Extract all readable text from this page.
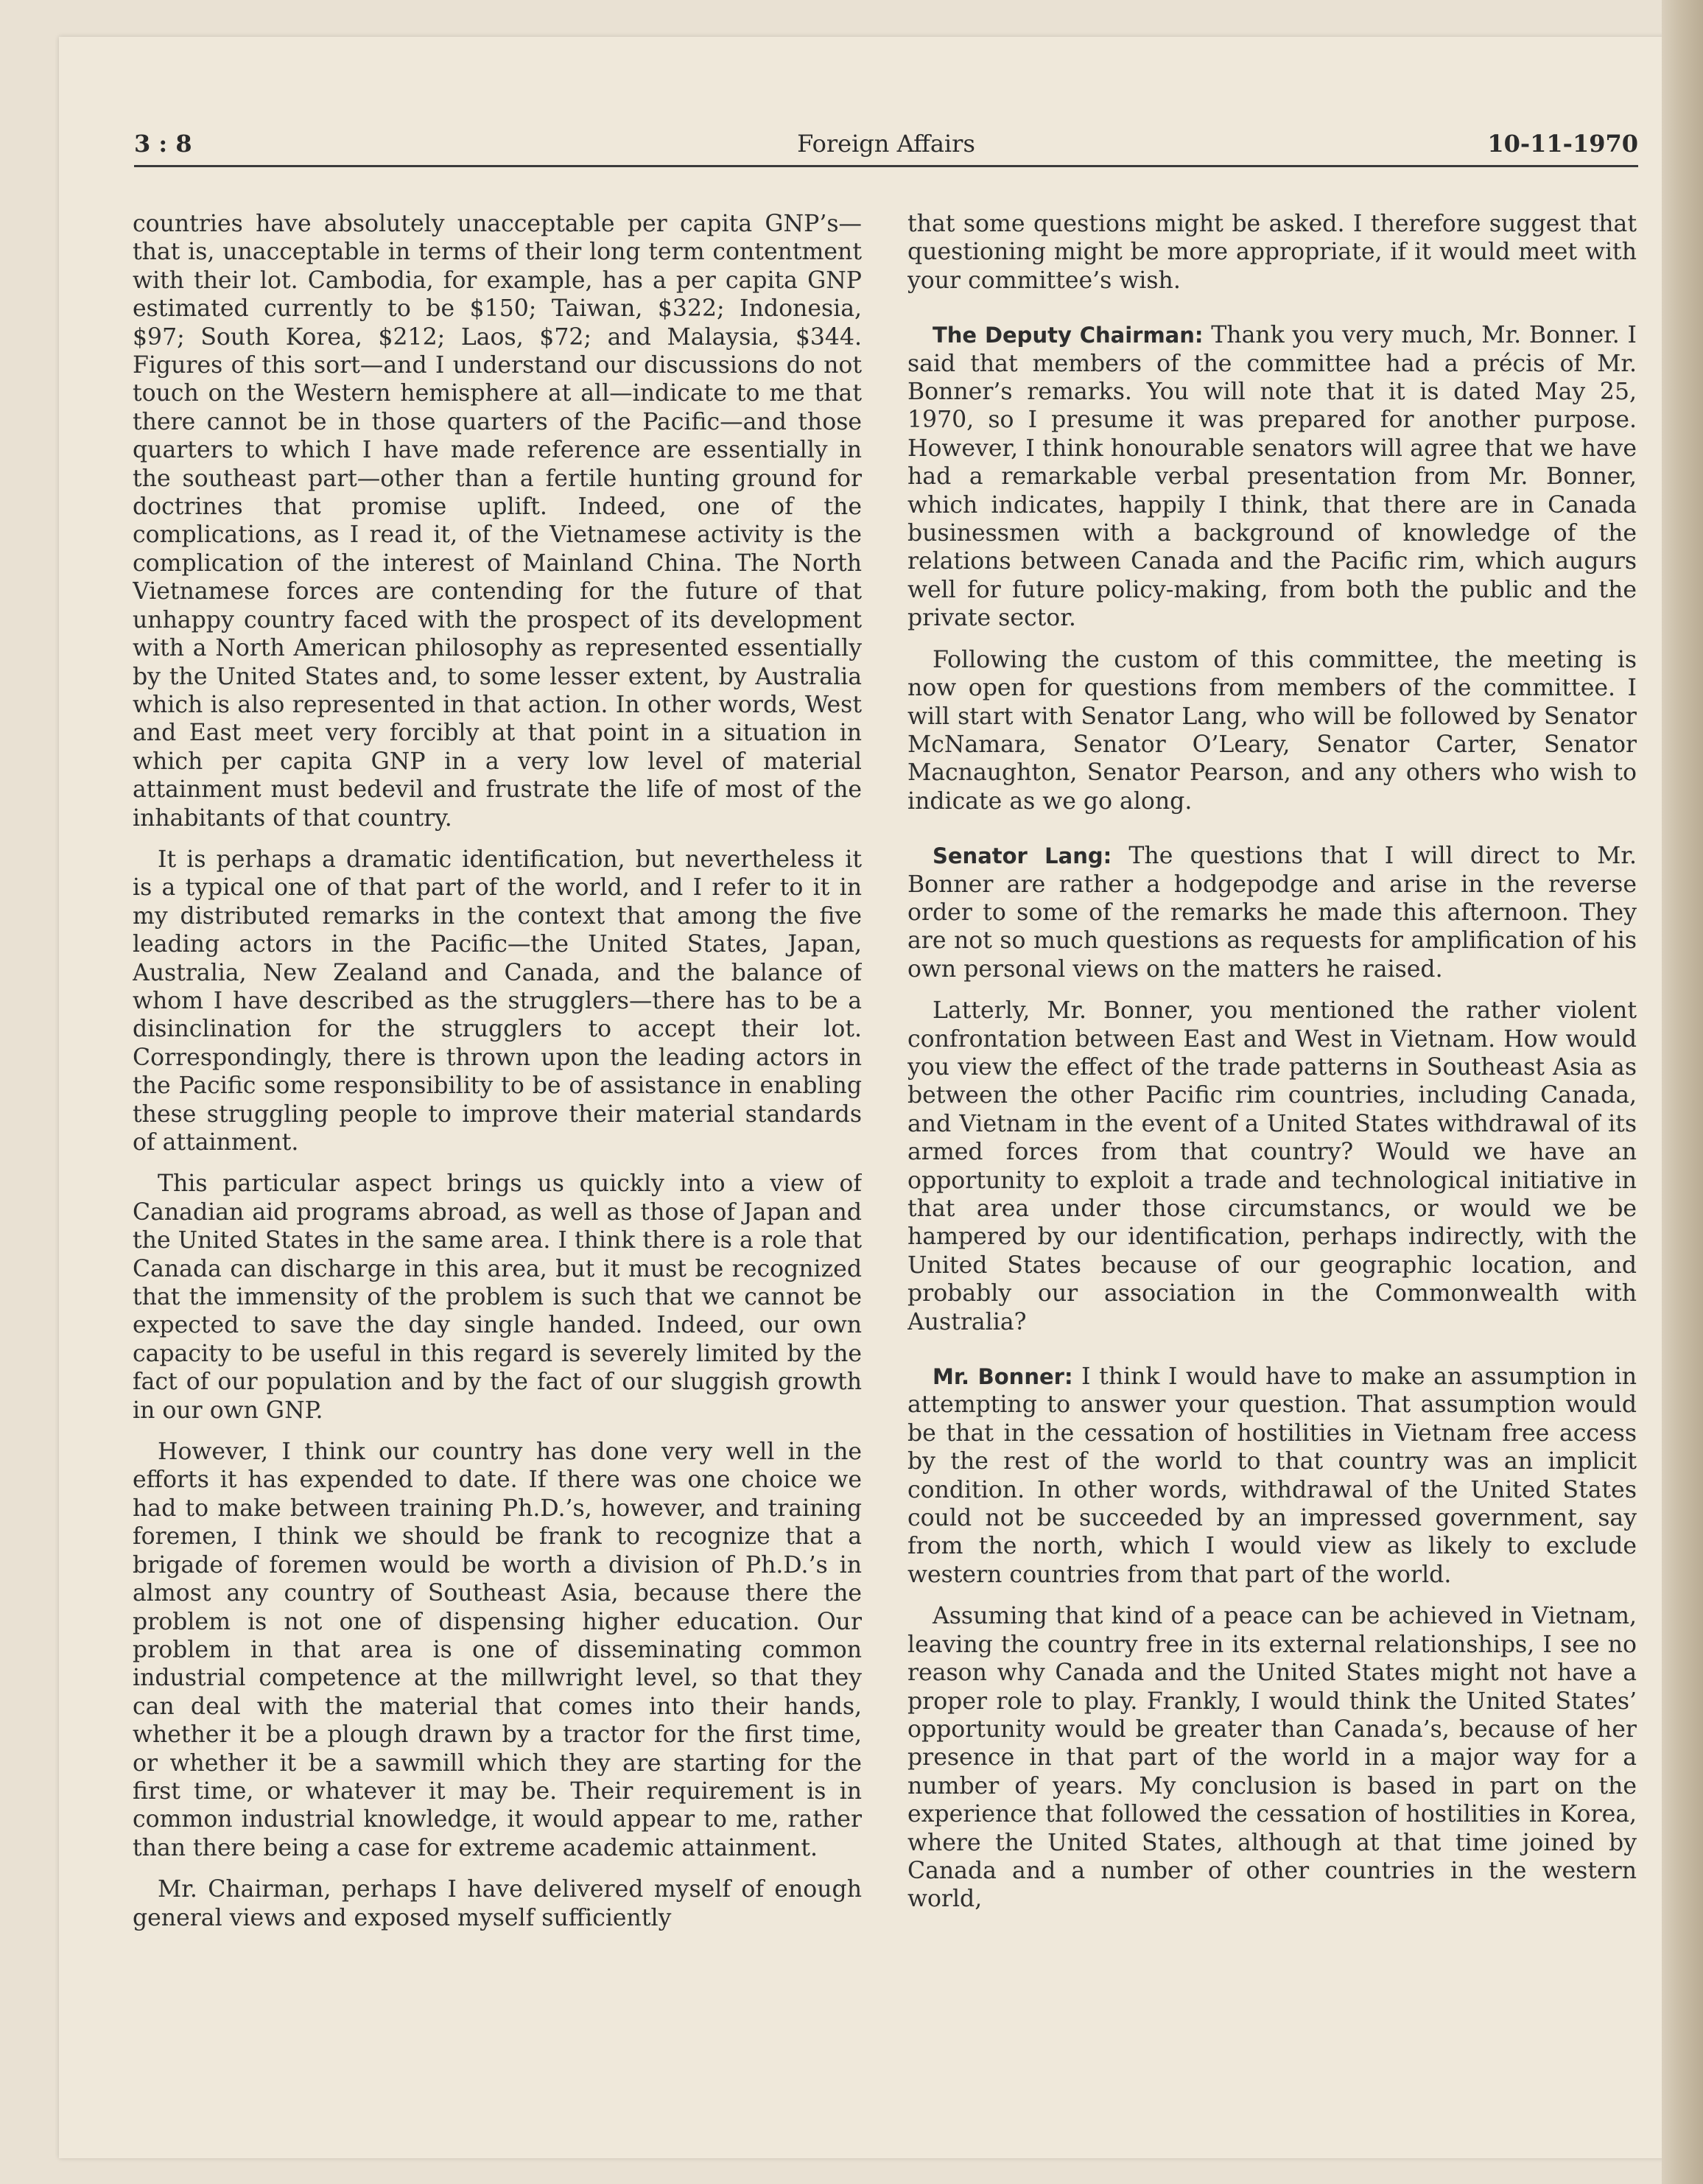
3 : 8	Foreign Affairs	10-11-1970

countries have absolutely unacceptable per capita GNP’s—that is, unacceptable in terms of their long term contentment with their lot. Cambodia, for example, has a per capita GNP estimated currently to be $150; Taiwan, $322; Indonesia, $97; South Korea, $212; Laos, $72; and Malaysia, $344. Figures of this sort—and I understand our discussions do not touch on the Western hemisphere at all—indicate to me that there cannot be in those quarters of the Pacific—and those quarters to which I have made reference are essentially in the southeast part—other than a fertile hunting ground for doctrines that promise uplift. Indeed, one of the complications, as I read it, of the Vietnamese activity is the complication of the interest of Mainland China. The North Vietnamese forces are contending for the future of that unhappy country faced with the prospect of its development with a North American philosophy as represented essentially by the United States and, to some lesser extent, by Australia which is also represented in that action. In other words, West and East meet very forcibly at that point in a situation in which per capita GNP in a very low level of material attainment must bedevil and frustrate the life of most of the inhabitants of that country.

It is perhaps a dramatic identification, but nevertheless it is a typical one of that part of the world, and I refer to it in my distributed remarks in the context that among the five leading actors in the Pacific—the United States, Japan, Australia, New Zealand and Canada, and the balance of whom I have described as the strugglers—there has to be a disinclination for the strugglers to accept their lot. Correspondingly, there is thrown upon the leading actors in the Pacific some responsibility to be of assistance in enabling these struggling people to improve their material standards of attainment.

This particular aspect brings us quickly into a view of Canadian aid programs abroad, as well as those of Japan and the United States in the same area. I think there is a role that Canada can discharge in this area, but it must be recognized that the immensity of the problem is such that we cannot be expected to save the day single handed. Indeed, our own capacity to be useful in this regard is severely limited by the fact of our population and by the fact of our sluggish growth in our own GNP.

However, I think our country has done very well in the efforts it has expended to date. If there was one choice we had to make between training Ph.D.’s, however, and training foremen, I think we should be frank to recognize that a brigade of foremen would be worth a division of Ph.D.’s in almost any country of Southeast Asia, because there the problem is not one of dispensing higher education. Our problem in that area is one of disseminating common industrial competence at the millwright level, so that they can deal with the material that comes into their hands, whether it be a plough drawn by a tractor for the first time, or whether it be a sawmill which they are starting for the first time, or whatever it may be. Their requirement is in common industrial knowledge, it would appear to me, rather than there being a case for extreme academic attainment.

Mr. Chairman, perhaps I have delivered myself of enough general views and exposed myself sufficiently

that some questions might be asked. I therefore suggest that questioning might be more appropriate, if it would meet with your committee’s wish.

The Deputy Chairman: Thank you very much, Mr. Bonner. I said that members of the committee had a précis of Mr. Bonner’s remarks. You will note that it is dated May 25, 1970, so I presume it was prepared for another purpose. However, I think honourable senators will agree that we have had a remarkable verbal presentation from Mr. Bonner, which indicates, happily I think, that there are in Canada businessmen with a background of knowledge of the relations between Canada and the Pacific rim, which augurs well for future policy-making, from both the public and the private sector.

Following the custom of this committee, the meeting is now open for questions from members of the committee. I will start with Senator Lang, who will be followed by Senator McNamara, Senator O’Leary, Senator Carter, Senator Macnaughton, Senator Pearson, and any others who wish to indicate as we go along.

Senator Lang: The questions that I will direct to Mr. Bonner are rather a hodgepodge and arise in the reverse order to some of the remarks he made this afternoon. They are not so much questions as requests for amplification of his own personal views on the matters he raised.

Latterly, Mr. Bonner, you mentioned the rather violent confrontation between East and West in Vietnam. How would you view the effect of the trade patterns in Southeast Asia as between the other Pacific rim countries, including Canada, and Vietnam in the event of a United States withdrawal of its armed forces from that country? Would we have an opportunity to exploit a trade and technological initiative in that area under those circumstancs, or would we be hampered by our identification, perhaps indirectly, with the United States because of our geographic location, and probably our association in the Commonwealth with Australia?

Mr. Bonner: I think I would have to make an assumption in attempting to answer your question. That assumption would be that in the cessation of hostilities in Vietnam free access by the rest of the world to that country was an implicit condition. In other words, withdrawal of the United States could not be succeeded by an impressed government, say from the north, which I would view as likely to exclude western countries from that part of the world.

Assuming that kind of a peace can be achieved in Vietnam, leaving the country free in its external relationships, I see no reason why Canada and the United States might not have a proper role to play. Frankly, I would think the United States’ opportunity would be greater than Canada’s, because of her presence in that part of the world in a major way for a number of years. My conclusion is based in part on the experience that followed the cessation of hostilities in Korea, where the United States, although at that time joined by Canada and a number of other countries in the western world,
